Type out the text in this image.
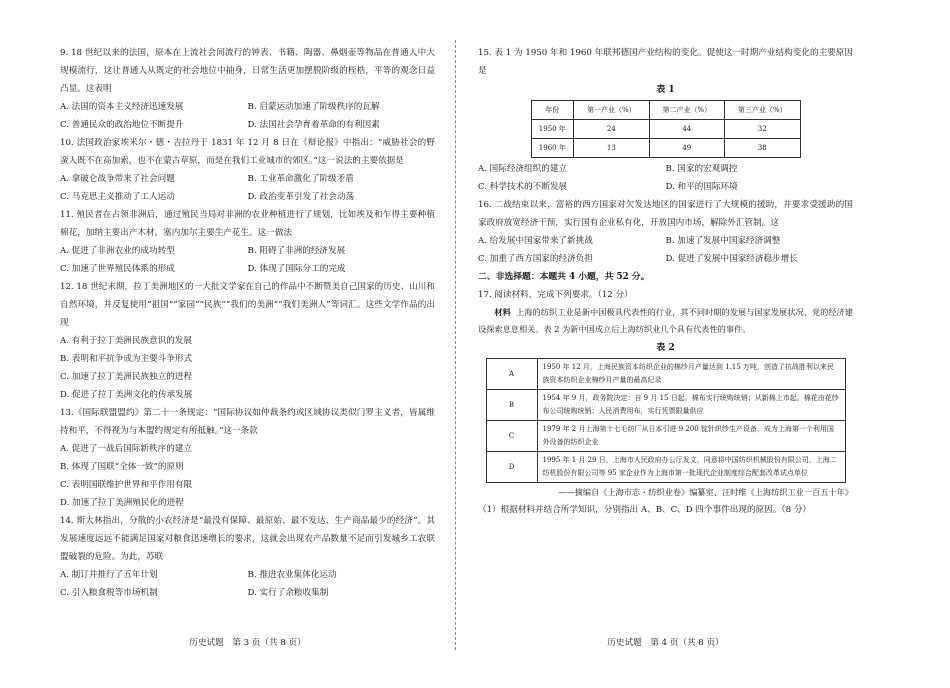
9. 18 世纪以来的法国，原本在上流社会间流行的钟表、书籍、陶器、鼻烟壶等物品在普通人中大规模流行，这让普通人从既定的社会地位中抽身，日常生活更加摆脱阶级的桎梏，平等的观念日益凸显。这表明
A. 法国的资本主义经济迅速发展	B. 启蒙运动加速了阶级秩序的瓦解
C. 普通民众的政治地位不断提升	D. 法国社会孕育着革命的有利因素
10. 法国政治家埃米尔・德・吉拉丹于 1831 年 12 月 8 日在《辩论报》中指出：“威胁社会的野蛮人既不在高加索，也不在蒙古草原，而是在我们工业城市的郊区。”这一说法的主要依据是
A. 拿破仑战争带来了社会问题	B. 工业革命激化了阶级矛盾
C. 马克思主义推动了工人运动	D. 政治变革引发了社会动荡
11. 殖民者在占领非洲后，通过殖民当局对非洲的农业种植进行了规划，比如埃及和乍得主要种植棉花，加纳主要出产木材，塞内加尔主要生产花生。这一做法
A. 促进了非洲农业的成功转型	B. 阻碍了非洲的经济发展
C. 加速了世界殖民体系的形成	D. 体现了国际分工的完成
12. 18 世纪末期，拉丁美洲地区的一大批文学家在自己的作品中不断赞美自己国家的历史、山川和自然环境，并反复使用“祖国”“家园”“民族”“我们的美洲”“我们美洲人”等词汇。这些文学作品的出现
A. 有利于拉丁美洲民族意识的发展
B. 表明和平抗争成为主要斗争形式
C. 加速了拉丁美洲民族独立的进程
D. 促进了拉丁美洲文化的传承发展
13.《国际联盟盟约》第二十一条规定：“国际协议如仲裁条约或区域协议类似门罗主义者，皆属维持和平，不得视为与本盟约规定有所抵触。”这一条款
A. 促进了一战后国际新秩序的建立
B. 体现了国联“全体一致”的原则
C. 表明国联维护世界和平作用有限
D. 加速了拉丁美洲殖民化的进程
14. 斯大林指出，分散的小农经济是“最没有保障、最原始、最不发达、生产商品最少的经济”。其发展速度远远不能满足国家对粮食迅速增长的要求，这就会出现农产品数量不足而引发城乡工农联盟破裂的危险。为此，苏联
A. 制订并推行了五年计划	B. 推进农业集体化运动
C. 引入粮食税等市场机制	D. 实行了余粮收集制
历史试题　第 3 页（共 8 页）
15. 表 1 为 1950 年和 1960 年联邦德国产业结构的变化。促使这一时期产业结构变化的主要原因是
表 1
年份	第一产业（%）	第二产业（%）	第三产业（%）
1950 年	24	44	32
1960 年	13	49	38
A. 国际经济组织的建立	B. 国家的宏观调控
C. 科学技术的不断发展	D. 和平的国际环境
16. 二战结束以来，富裕的西方国家对欠发达地区的国家进行了大规模的援助，并要求受援助的国家政府放宽经济干预，实行国有企业私有化，开放国内市场，解除外汇管制。这
A. 给发展中国家带来了新挑战	B. 加速了发展中国家经济调整
C. 加重了西方国家的经济负担	D. 促进了发展中国家经济稳步增长
二、非选择题：本题共 4 小题，共 52 分。
17. 阅读材料，完成下列要求。（12 分）
材料 上海的纺织工业是新中国极具代表性的行业，其不同时期的发展与国家发展状况、党的经济建设探索息息相关。表 2 为新中国成立后上海纺织业几个具有代表性的事件。
表 2
A	1950 年 12 月，上海民族资本纺织企业的棉纱月产量达到 1.15 万吨，创造了抗战胜利以来民族资本纺织企业棉纱月产量的最高纪录
B	1954 年 9 月，政务院决定：自 9 月 15 日起，棉布实行统购统销；从新棉上市起，棉花由花纱布公司统购统销；人民消费用布，实行凭票限量供应
C	1979 年 2 月上海第十七毛纺厂从日本引进 9 200 锭针织纱生产设备，成为上海第一个利用国外设备的纺织企业
D	1995 年 1 月 29 日，上海市人民政府办公厅发文，同意将中国纺织机械股份有限公司、上海二纺机股份有限公司等 95 家企业作为上海市第一批现代企业制度综合配套改革试点单位
——摘编自《上海市志・纺织业卷》编纂室、汪时维《上海纺织工业一百五十年》
（1）根据材料并结合所学知识，分别指出 A、B、C、D 四个事件出现的原因。（8 分）
历史试题　第 4 页（共 8 页）
